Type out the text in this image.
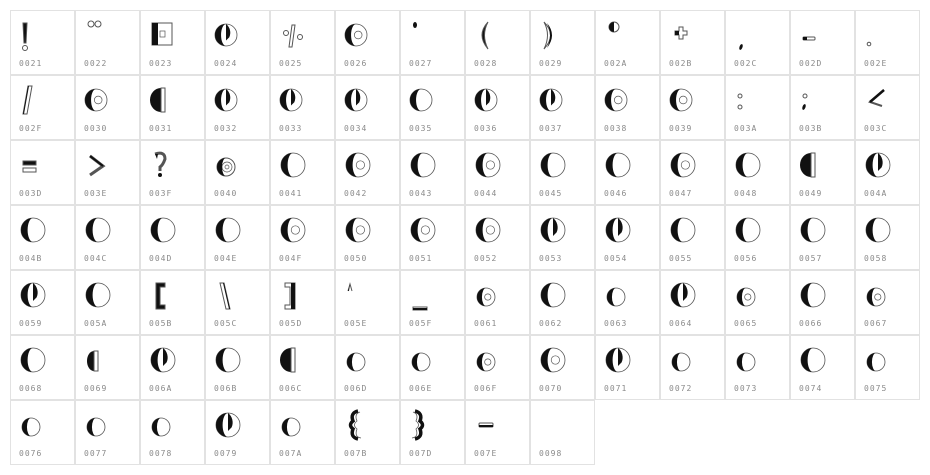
0021	0022	0023	0024	0025	0026	0027	0028	0029	002A	002B	002C	002D	002E
002F	0030	0031	0032	0033	0034	0035	0036	0037	0038	0039	003A	003B	003C
003D	003E	003F	0040	0041	0042	0043	0044	0045	0046	0047	0048	0049	004A
004B	004C	004D	004E	004F	0050	0051	0052	0053	0054	0055	0056	0057	0058
0059	005A	005B	005C	005D	005E	005F	0061	0062	0063	0064	0065	0066	0067
0068	0069	006A	006B	006C	006D	006E	006F	0070	0071	0072	0073	0074	0075
0076	0077	0078	0079	007A	007B	007D	007E	0098
